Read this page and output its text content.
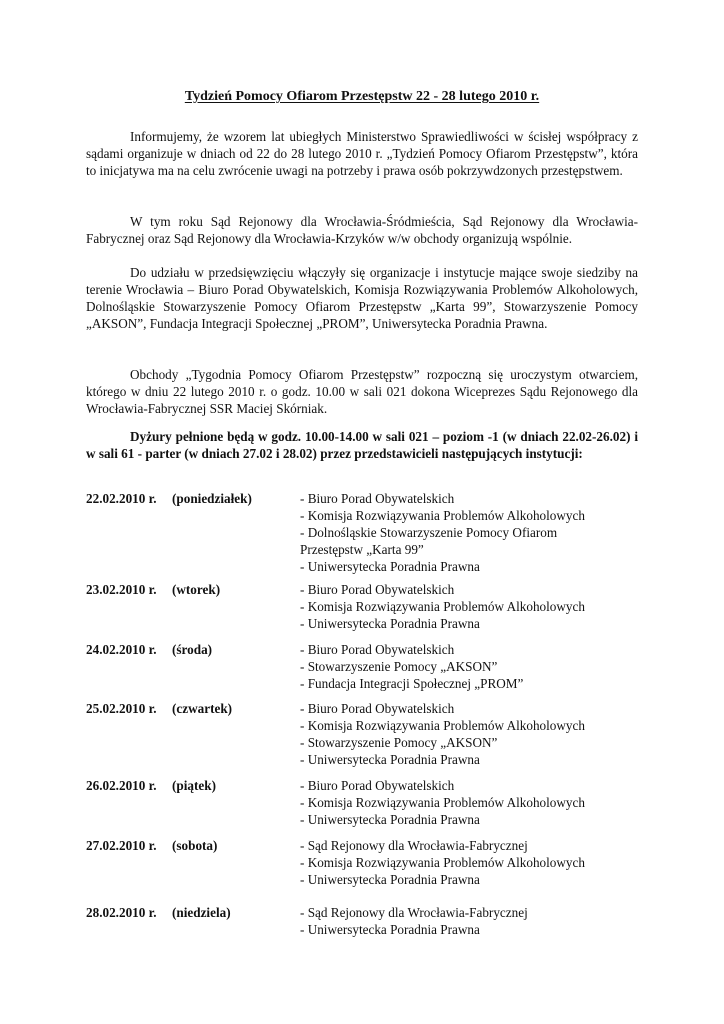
Tydzień Pomocy Ofiarom Przestępstw 22 - 28 lutego 2010 r.

Informujemy, że wzorem lat ubiegłych Ministerstwo Sprawiedliwości w ścisłej współpracy z sądami organizuje w dniach od 22 do 28 lutego 2010 r. „Tydzień Pomocy Ofiarom Przestępstw”, która to inicjatywa ma na celu zwrócenie uwagi na potrzeby i prawa osób pokrzywdzonych przestępstwem.

W tym roku Sąd Rejonowy dla Wrocławia-Śródmieścia, Sąd Rejonowy dla Wrocławia-Fabrycznej oraz Sąd Rejonowy dla Wrocławia-Krzyków w/w obchody organizują wspólnie.

Do udziału w przedsięwzięciu włączyły się organizacje i instytucje mające swoje siedziby na terenie Wrocławia – Biuro Porad Obywatelskich, Komisja Rozwiązywania Problemów Alkoholowych, Dolnośląskie Stowarzyszenie Pomocy Ofiarom Przestępstw „Karta 99”, Stowarzyszenie Pomocy „AKSON”, Fundacja Integracji Społecznej „PROM”, Uniwersytecka Poradnia Prawna.

Obchody „Tygodnia Pomocy Ofiarom Przestępstw” rozpoczną się uroczystym otwarciem, którego w dniu 22 lutego 2010 r. o godz. 10.00 w sali 021 dokona Wiceprezes Sądu Rejonowego dla Wrocławia-Fabrycznej SSR Maciej Skórniak.

Dyżury pełnione będą w godz. 10.00-14.00 w sali 021 – poziom -1 (w dniach 22.02-26.02) i w sali 61 - parter (w dniach 27.02 i 28.02) przez przedstawicieli następujących instytucji:

22.02.2010 r. (poniedziałek)	- Biuro Porad Obywatelskich
- Komisja Rozwiązywania Problemów Alkoholowych
- Dolnośląskie Stowarzyszenie Pomocy Ofiarom
Przestępstw „Karta 99”
- Uniwersytecka Poradnia Prawna
23.02.2010 r. (wtorek)	- Biuro Porad Obywatelskich
- Komisja Rozwiązywania Problemów Alkoholowych
- Uniwersytecka Poradnia Prawna
24.02.2010 r. (środa)	- Biuro Porad Obywatelskich
- Stowarzyszenie Pomocy „AKSON”
- Fundacja Integracji Społecznej „PROM”
25.02.2010 r. (czwartek)	- Biuro Porad Obywatelskich
- Komisja Rozwiązywania Problemów Alkoholowych
- Stowarzyszenie Pomocy „AKSON”
- Uniwersytecka Poradnia Prawna
26.02.2010 r. (piątek)	- Biuro Porad Obywatelskich
- Komisja Rozwiązywania Problemów Alkoholowych
- Uniwersytecka Poradnia Prawna
27.02.2010 r. (sobota)	- Sąd Rejonowy dla Wrocławia-Fabrycznej
- Komisja Rozwiązywania Problemów Alkoholowych
- Uniwersytecka Poradnia Prawna
28.02.2010 r. (niedziela)	- Sąd Rejonowy dla Wrocławia-Fabrycznej
- Uniwersytecka Poradnia Prawna
